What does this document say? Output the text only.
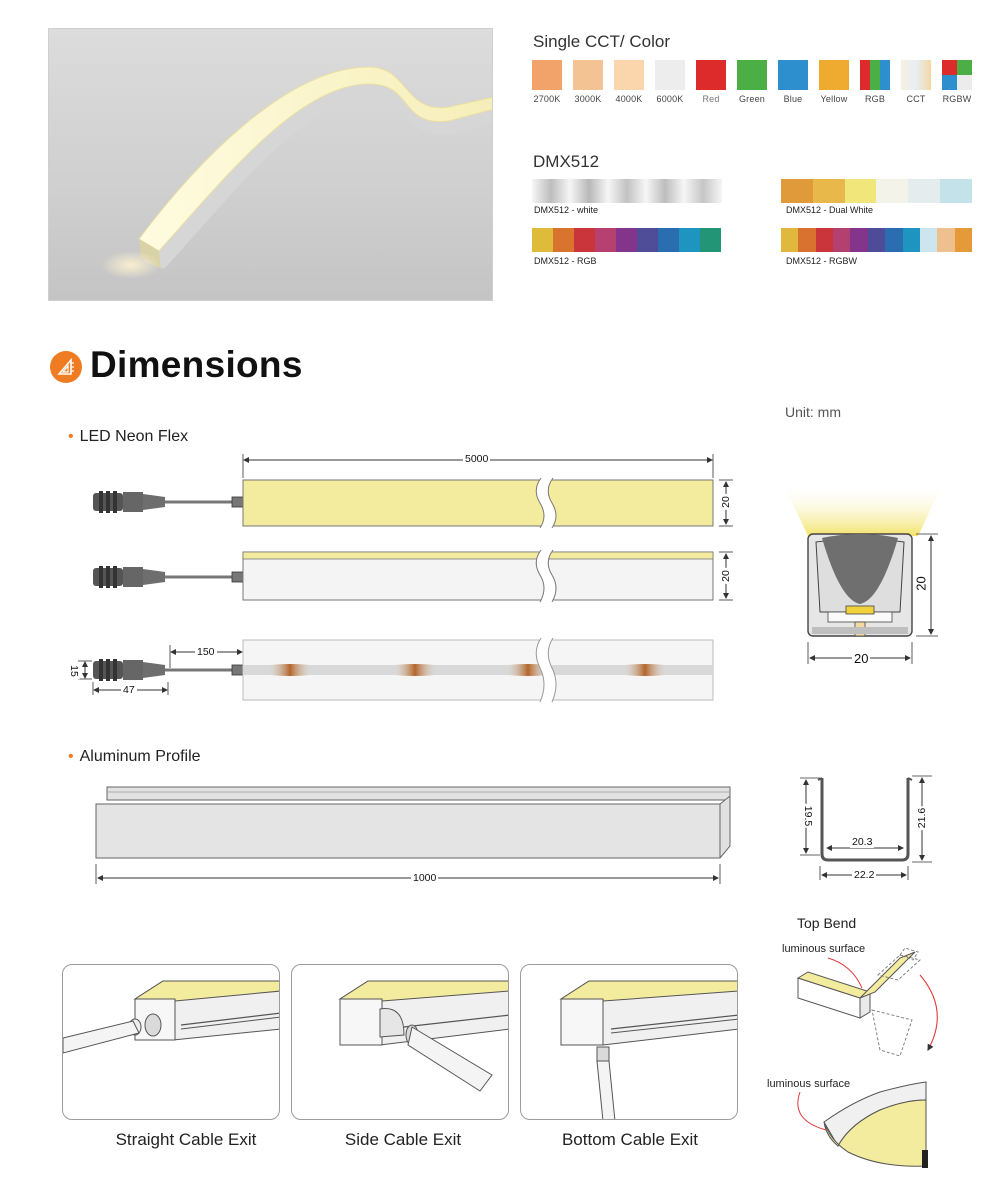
Single CCT/ Color
2700K	3000K	4000K	6000K	Red	Green	Blue	Yellow	RGB	CCT	RGBW
DMX512
DMX512 - white	DMX512 - Dual White
DMX512 - RGB	DMX512 - RGBW
Dimensions
Unit: mm
• LED Neon Flex
5000
20
20
150
15
47
20
20
• Aluminum Profile
1000
19.5	21.6
20.3
22.2
Top Bend
luminous surface
luminous surface
Straight Cable Exit	Side Cable Exit	Bottom Cable Exit
